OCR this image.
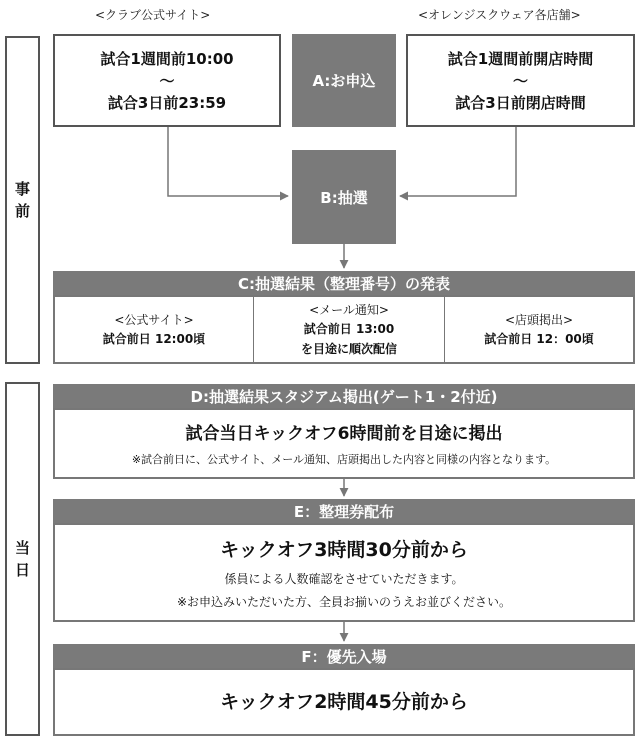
<クラブ公式サイト>	<オレンジスクウェア各店舗>
事
前
当
日
試合1週間前10:00
～
試合3日前23:59
A:お申込
試合1週間前開店時間
～
試合3日前閉店時間
B:抽選
C:抽選結果（整理番号）の発表
<公式サイト>
試合前日 12:00頃
<メール通知>
試合前日 13:00
を目途に順次配信
<店頭掲出>
試合前日 12：00頃
D:抽選結果スタジアム掲出(ゲート1・2付近)
試合当日キックオフ6時間前を目途に掲出
※試合前日に、公式サイト、メール通知、店頭掲出した内容と同様の内容となります。
E：整理券配布
キックオフ3時間30分前から
係員による人数確認をさせていただきます。
※お申込みいただいた方、全員お揃いのうえお並びください。
F：優先入場
キックオフ2時間45分前から
